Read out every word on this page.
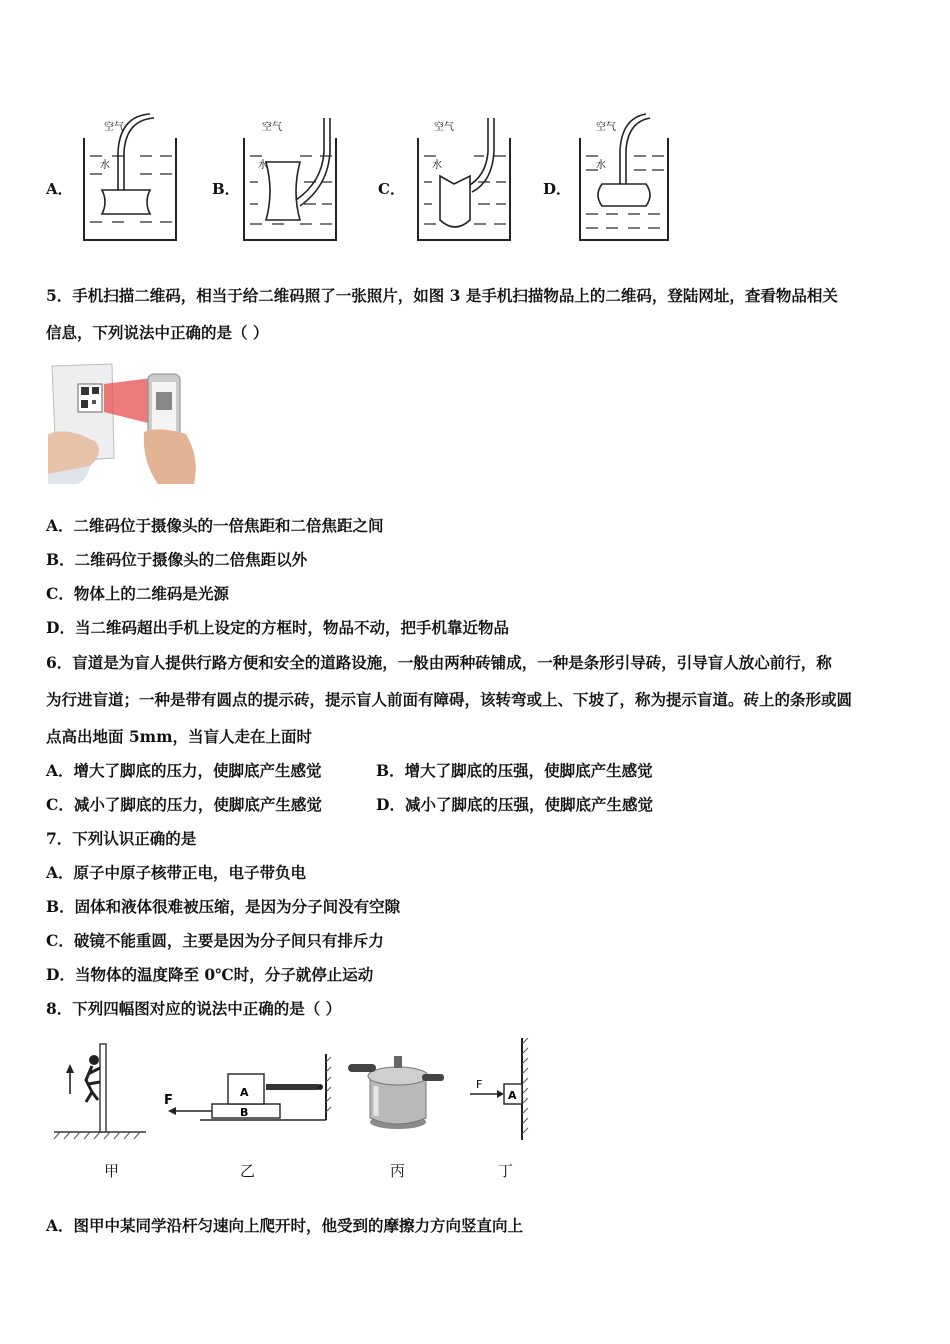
A．
空气
水
B．
空气
水
C．
空气
水
D．
空气
水
5．手机扫描二维码，相当于给二维码照了一张照片，如图 3 是手机扫描物品上的二维码，登陆网址，查看物品相关
信息，下列说法中正确的是（ ）
A．二维码位于摄像头的一倍焦距和二倍焦距之间
B．二维码位于摄像头的二倍焦距以外
C．物体上的二维码是光源
D．当二维码超出手机上设定的方框时，物品不动，把手机靠近物品
6．盲道是为盲人提供行路方便和安全的道路设施，一般由两种砖铺成，一种是条形引导砖，引导盲人放心前行，称
为行进盲道；一种是带有圆点的提示砖，提示盲人前面有障碍，该转弯或上、下坡了，称为提示盲道。砖上的条形或圆
点高出地面 5mm，当盲人走在上面时
A．增大了脚底的压力，使脚底产生感觉	B．增大了脚底的压强，使脚底产生感觉
C．减小了脚底的压力，使脚底产生感觉	D．减小了脚底的压强，使脚底产生感觉
7．下列认识正确的是
A．原子中原子核带正电，电子带负电
B．固体和液体很难被压缩，是因为分子间没有空隙
C．破镜不能重圆，主要是因为分子间只有排斥力
D．当物体的温度降至 0℃时，分子就停止运动
8．下列四幅图对应的说法中正确的是（ ）
F
A
B
F
A
甲	乙	丙	丁
A．图甲中某同学沿杆匀速向上爬开时，他受到的摩擦力方向竖直向上
